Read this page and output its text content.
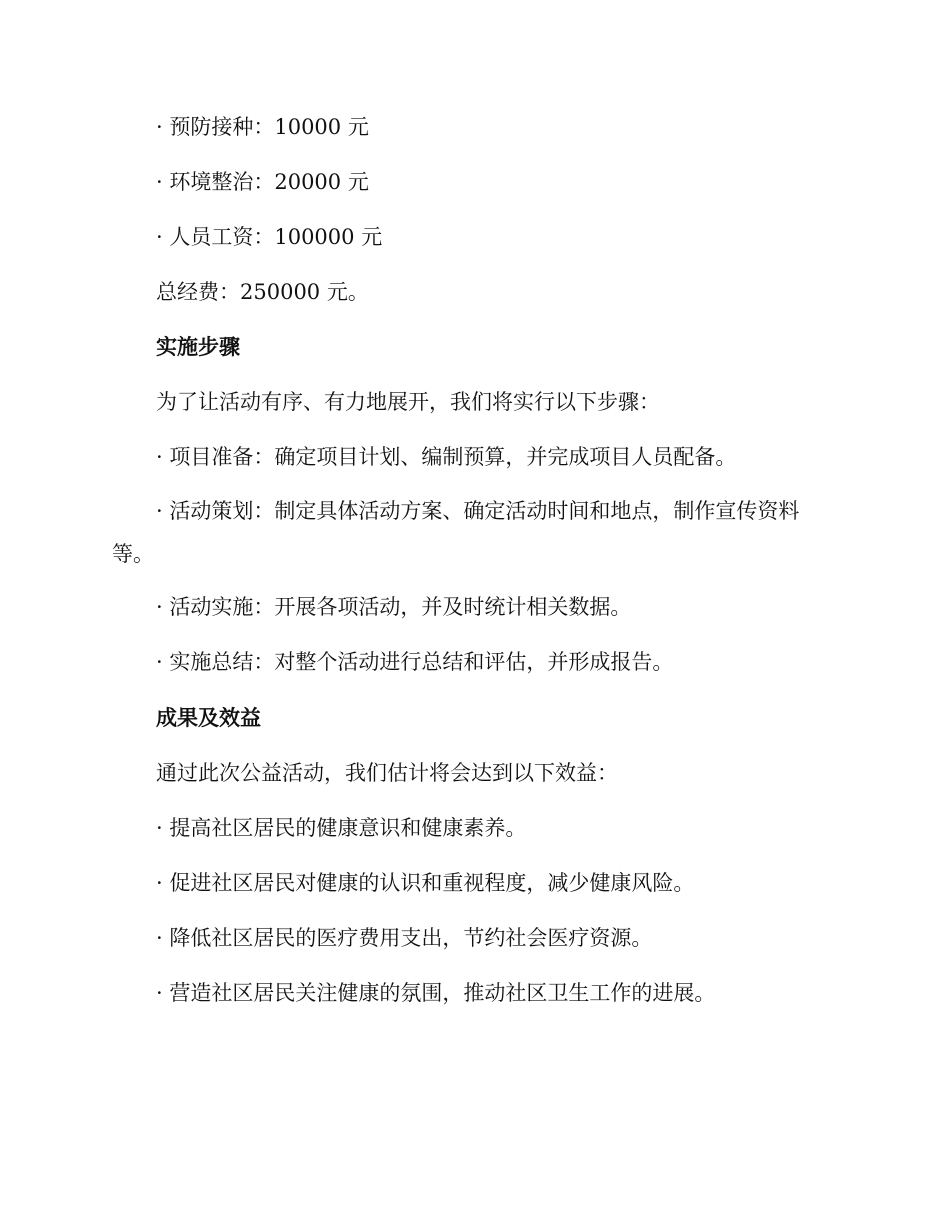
· 预防接种：10000 元
· 环境整治：20000 元
· 人员工资：100000 元
总经费：250000 元。
实施步骤
为了让活动有序、有力地展开，我们将实行以下步骤：
· 项目准备：确定项目计划、编制预算，并完成项目人员配备。
· 活动策划：制定具体活动方案、确定活动时间和地点，制作宣传资料等。
· 活动实施：开展各项活动，并及时统计相关数据。
· 实施总结：对整个活动进行总结和评估，并形成报告。
成果及效益
通过此次公益活动，我们估计将会达到以下效益：
· 提高社区居民的健康意识和健康素养。
· 促进社区居民对健康的认识和重视程度，减少健康风险。
· 降低社区居民的医疗费用支出，节约社会医疗资源。
· 营造社区居民关注健康的氛围，推动社区卫生工作的进展。
